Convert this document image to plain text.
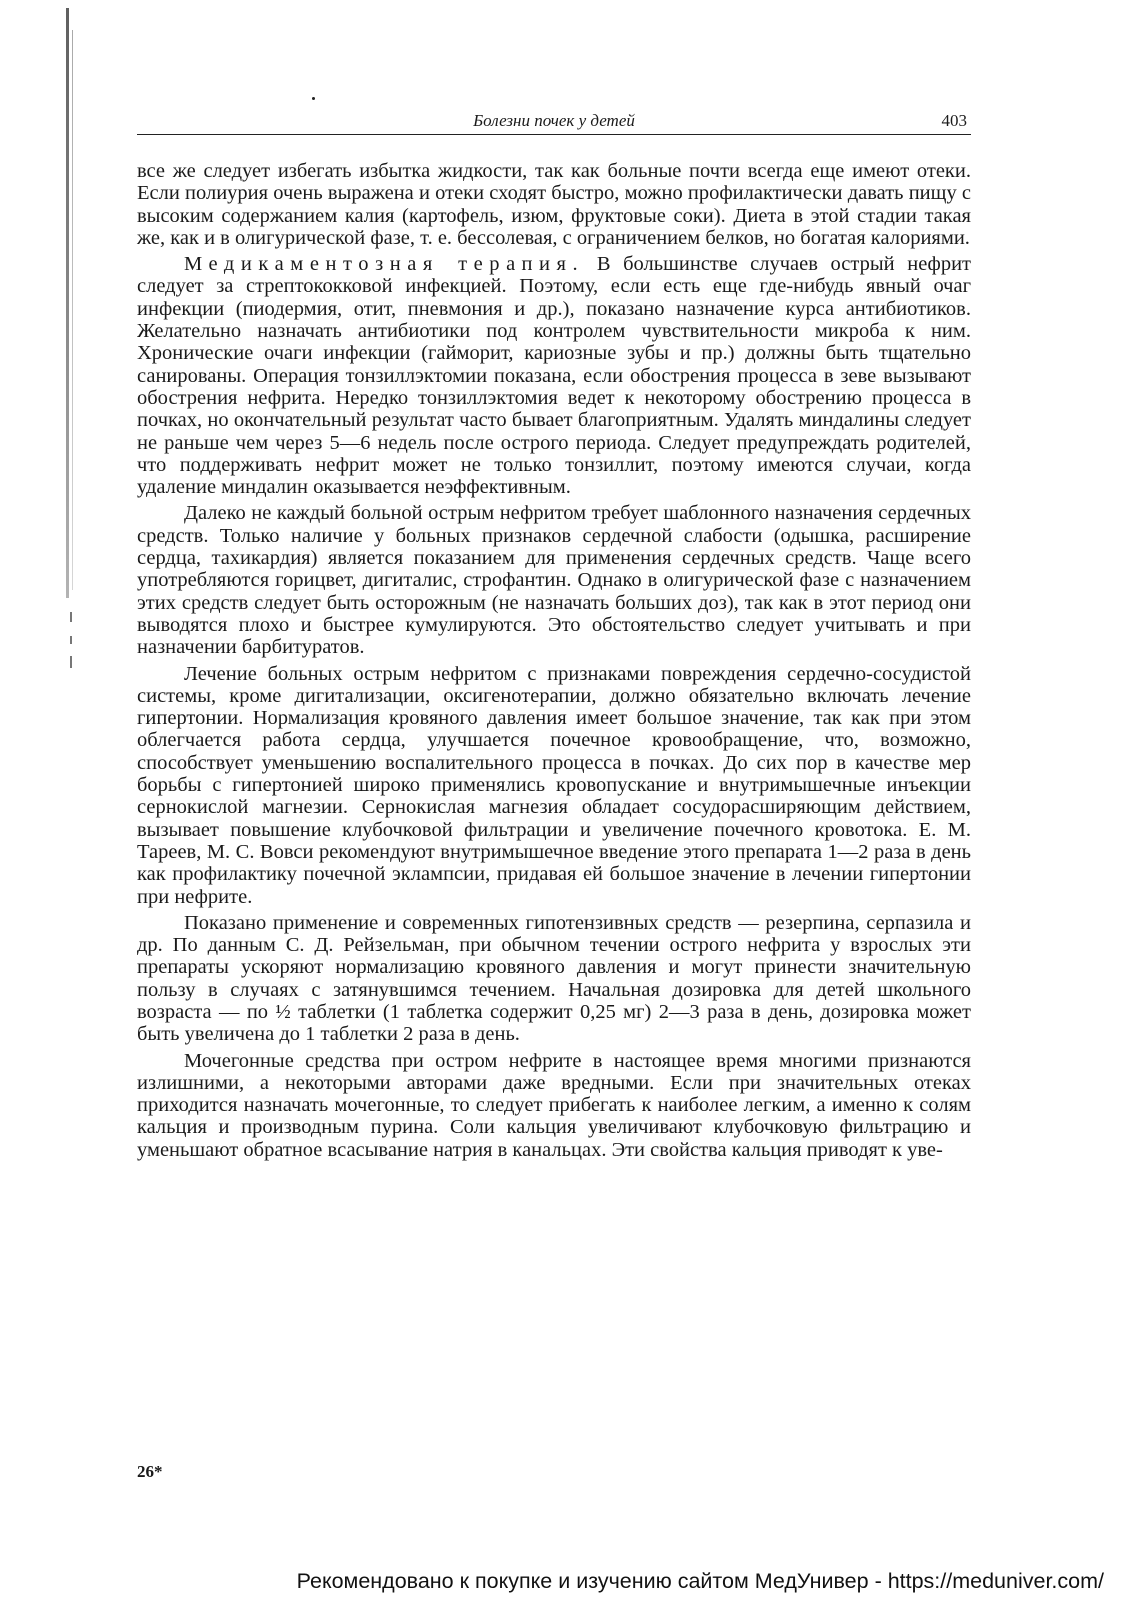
Болезни почек у детей	403

все же следует избегать избытка жидкости, так как больные почти всегда еще имеют отеки. Если полиурия очень выражена и отеки сходят быстро, можно профилактически давать пищу с высоким содержанием калия (картофель, изюм, фруктовые соки). Диета в этой стадии такая же, как и в олигурической фазе, т. е. бессолевая, с ограничением белков, но богатая калориями.

Медикаментозная терапия. В большинстве случаев острый нефрит следует за стрептококковой инфекцией. Поэтому, если есть еще где-нибудь явный очаг инфекции (пиодермия, отит, пневмония и др.), показано назначение курса антибиотиков. Желательно назначать антибиотики под контролем чувствительности микроба к ним. Хронические очаги инфекции (гайморит, кариозные зубы и пр.) должны быть тщательно санированы. Операция тонзиллэктомии показана, если обострения процесса в зеве вызывают обострения нефрита. Нередко тонзиллэктомия ведет к некоторому обострению процесса в почках, но окончательный результат часто бывает благоприятным. Удалять миндалины следует не раньше чем через 5—6 недель после острого периода. Следует предупреждать родителей, что поддерживать нефрит может не только тонзиллит, поэтому имеются случаи, когда удаление миндалин оказывается неэффективным.

Далеко не каждый больной острым нефритом требует шаблонного назначения сердечных средств. Только наличие у больных признаков сердечной слабости (одышка, расширение сердца, тахикардия) является показанием для применения сердечных средств. Чаще всего употребляются горицвет, дигиталис, строфантин. Однако в олигурической фазе с назначением этих средств следует быть осторожным (не назначать больших доз), так как в этот период они выводятся плохо и быстрее кумулируются. Это обстоятельство следует учитывать и при назначении барбитуратов.

Лечение больных острым нефритом с признаками повреждения сердечно-сосудистой системы, кроме дигитализации, оксигенотерапии, должно обязательно включать лечение гипертонии. Нормализация кровяного давления имеет большое значение, так как при этом облегчается работа сердца, улучшается почечное кровообращение, что, возможно, способствует уменьшению воспалительного процесса в почках. До сих пор в качестве мер борьбы с гипертонией широко применялись кровопускание и внутримышечные инъекции сернокислой магнезии. Сернокислая магнезия обладает сосудорасширяющим действием, вызывает повышение клубочковой фильтрации и увеличение почечного кровотока. Е. М. Тареев, М. С. Вовси рекомендуют внутримышечное введение этого препарата 1—2 раза в день как профилактику почечной эклампсии, придавая ей большое значение в лечении гипертонии при нефрите.

Показано применение и современных гипотензивных средств — резерпина, серпазила и др. По данным С. Д. Рейзельман, при обычном течении острого нефрита у взрослых эти препараты ускоряют нормализацию кровяного давления и могут принести значительную пользу в случаях с затянувшимся течением. Начальная дозировка для детей школьного возраста — по ½ таблетки (1 таблетка содержит 0,25 мг) 2—3 раза в день, дозировка может быть увеличена до 1 таблетки 2 раза в день.

Мочегонные средства при остром нефрите в настоящее время многими признаются излишними, а некоторыми авторами даже вредными. Если при значительных отеках приходится назначать мочегонные, то следует прибегать к наиболее легким, а именно к солям кальция и производным пурина. Соли кальция увеличивают клубочковую фильтрацию и уменьшают обратное всасывание натрия в канальцах. Эти свойства кальция приводят к уве-

26*
Рекомендовано к покупке и изучению сайтом МедУнивер - https://meduniver.com/
